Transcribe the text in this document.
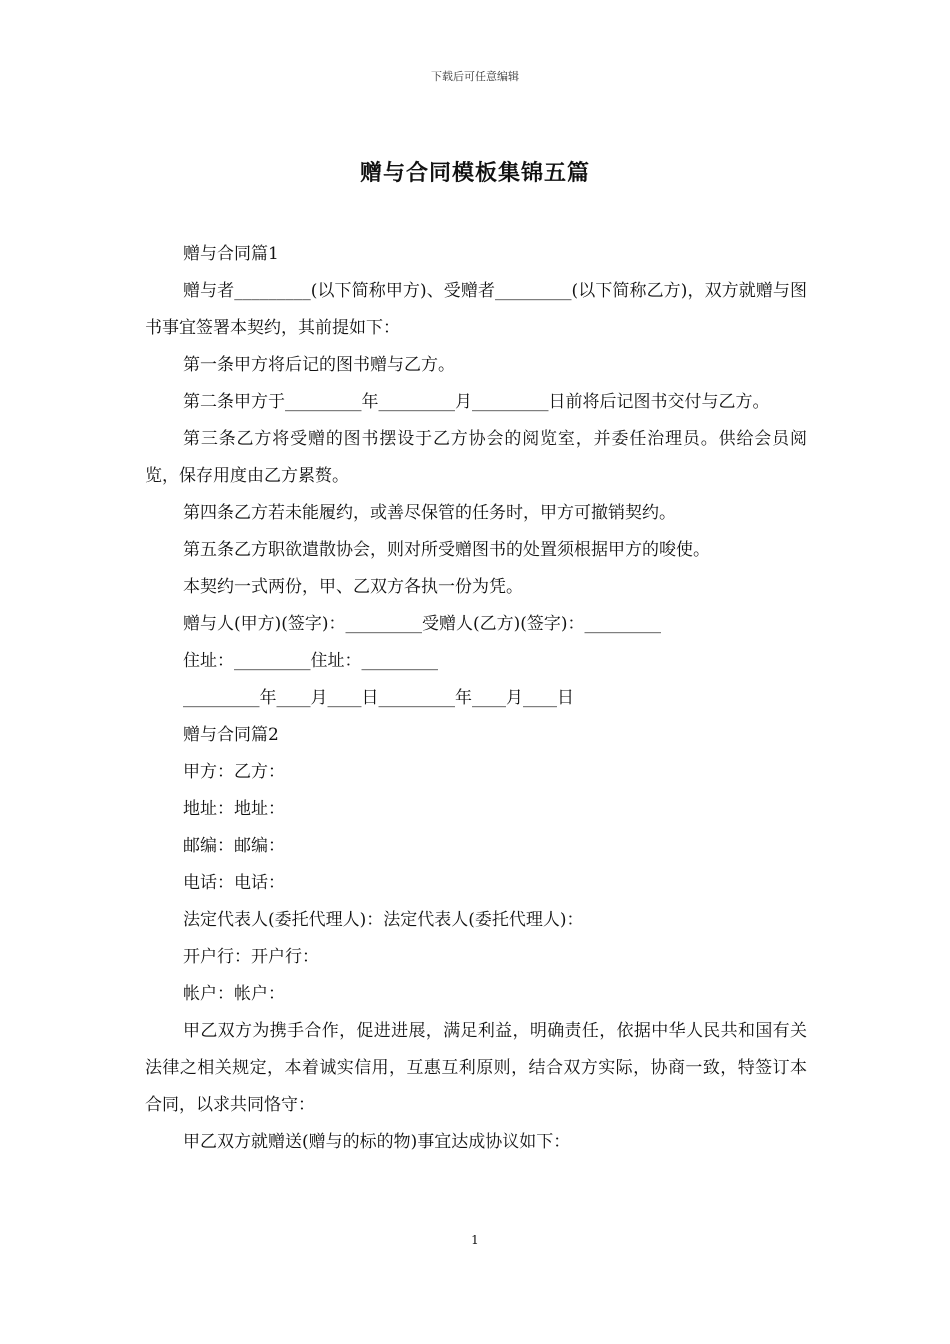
下载后可任意编辑
赠与合同模板集锦五篇

赠与合同篇1

赠与者_________(以下简称甲方)、受赠者_________(以下简称乙方)，双方就赠与图书事宜签署本契约，其前提如下：

第一条甲方将后记的图书赠与乙方。

第二条甲方于_________年_________月_________日前将后记图书交付与乙方。

第三条乙方将受赠的图书摆设于乙方协会的阅览室，并委任治理员。供给会员阅览，保存用度由乙方累赘。

第四条乙方若未能履约，或善尽保管的任务时，甲方可撤销契约。

第五条乙方职欲遣散协会，则对所受赠图书的处置须根据甲方的唆使。

本契约一式两份，甲、乙双方各执一份为凭。

赠与人(甲方)(签字)：_________受赠人(乙方)(签字)：_________

住址：_________住址：_________

_________年____月____日_________年____月____日

赠与合同篇2

甲方：乙方：

地址：地址：

邮编：邮编：

电话：电话：

法定代表人(委托代理人)：法定代表人(委托代理人)：

开户行：开户行：

帐户：帐户：

甲乙双方为携手合作，促进进展，满足利益，明确责任，依据中华人民共和国有关法律之相关规定，本着诚实信用，互惠互利原则，结合双方实际，协商一致，特签订本合同，以求共同恪守：

甲乙双方就赠送(赠与的标的物)事宜达成协议如下：

1
